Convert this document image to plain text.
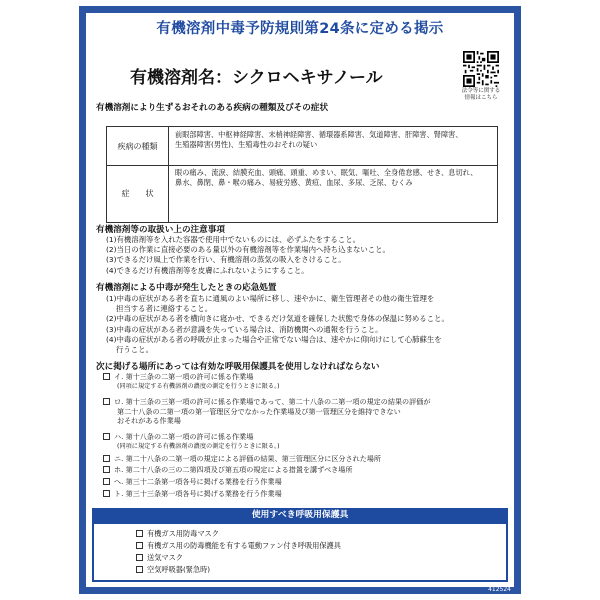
有機溶剤中毒予防規則第24条に定める掲示
有機溶剤名：シクロヘキサノール
法令等に関する
情報はこちら
有機溶剤により生ずるおそれのある疾病の種類及びその症状
疾病の種類
前眼部障害、中枢神経障害、末梢神経障害、循環器系障害、気道障害、肝障害、腎障害、
生殖器障害(男性)、生殖毒性のおそれの疑い
症　　状
眼の痛み、流涙、結膜充血、頭痛、頭重、めまい、眠気、嘔吐、全身倦怠感、せき、息切れ、
鼻水、鼻閉、鼻・喉の痛み、易疲労感、黄疸、血尿、多尿、乏尿、むくみ
有機溶剤等の取扱い上の注意事項
(1)有機溶剤等を入れた容器で使用中でないものには、必ずふたをすること。
(2)当日の作業に直接必要のある量以外の有機溶剤等を作業場内へ持ち込まないこと。
(3)できるだけ風上で作業を行い、有機溶剤の蒸気の吸入をさけること。
(4)できるだけ有機溶剤等を皮膚にふれないようにすること。
有機溶剤による中毒が発生したときの応急処置
(1)中毒の症状がある者を直ちに通風のよい場所に移し、速やかに、衛生管理者その他の衛生管理を
担当する者に連絡すること。
(2)中毒の症状がある者を横向きに寝かせ、できるだけ気道を確保した状態で身体の保温に努めること。
(3)中毒の症状がある者が意識を失っている場合は、消防機関への通報を行うこと。
(4)中毒の症状がある者の呼吸が止まった場合や正常でない場合は、速やかに仰向けにして心肺蘇生を
行うこと。
次に掲げる場所にあっては有効な呼吸用保護具を使用しなければならない
イ. 第十三条の二第一項の許可に係る作業場
(同項に規定する有機溶剤の濃度の測定を行うときに限る。)
ロ. 第十三条の三第一項の許可に係る作業場であって、第二十八条の二第一項の規定の結果の評価が
第二十八条の二第一項の第一管理区分でなかった作業場及び第一管理区分を維持できない
おそれがある作業場
ハ. 第十八条の二第一項の許可に係る作業場
(同項に規定する有機溶剤の濃度の測定を行うときに限る。)
ニ. 第二十八条の二第一項の規定による評価の結果、第三管理区分に区分された場所
ホ. 第二十八条の三の二第四項及び第五項の規定による措置を講ずべき場所
へ. 第三十二条第一項各号に掲げる業務を行う作業場
ト. 第三十三条第一項各号に掲げる業務を行う作業場
使用すべき呼吸用保護具
有機ガス用防毒マスク
有機ガス用の防毒機能を有する電動ファン付き呼吸用保護具
送気マスク
空気呼吸器(緊急時)
412524
